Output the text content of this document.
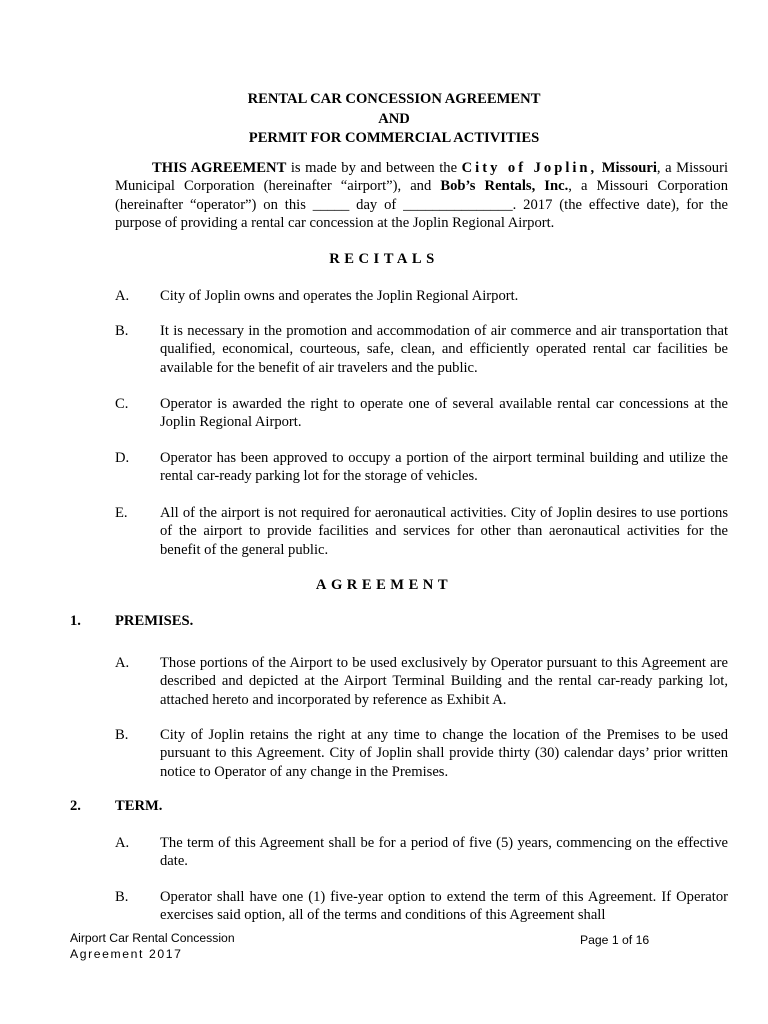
RENTAL CAR CONCESSION AGREEMENT
AND
PERMIT FOR COMMERCIAL ACTIVITIES
THIS AGREEMENT is made by and between the City of Joplin, Missouri, a Missouri Municipal Corporation (hereinafter “airport”), and Bob’s Rentals, Inc., a Missouri Corporation (hereinafter “operator”) on this _____ day of _______________. 2017 (the effective date), for the purpose of providing a rental car concession at the Joplin Regional Airport.
RECITALS
A.	City of Joplin owns and operates the Joplin Regional Airport.
B.	It is necessary in the promotion and accommodation of air commerce and air transportation that qualified, economical, courteous, safe, clean, and efficiently operated rental car facilities be available for the benefit of air travelers and the public.
C.	Operator is awarded the right to operate one of several available rental car concessions at the Joplin Regional Airport.
D.	Operator has been approved to occupy a portion of the airport terminal building and utilize the rental car-ready parking lot for the storage of vehicles.
E.	All of the airport is not required for aeronautical activities. City of Joplin desires to use portions of the airport to provide facilities and services for other than aeronautical activities for the benefit of the general public.
AGREEMENT
1. PREMISES.
A.	Those portions of the Airport to be used exclusively by Operator pursuant to this Agreement are described and depicted at the Airport Terminal Building and the rental car-ready parking lot, attached hereto and incorporated by reference as Exhibit A.
B.	City of Joplin retains the right at any time to change the location of the Premises to be used pursuant to this Agreement. City of Joplin shall provide thirty (30) calendar days’ prior written notice to Operator of any change in the Premises.
2. TERM.
A.	The term of this Agreement shall be for a period of five (5) years, commencing on the effective date.
B.	Operator shall have one (1) five-year option to extend the term of this Agreement. If Operator exercises said option, all of the terms and conditions of this Agreement shall
Airport Car Rental Concession
Agreement 2017
Page 1 of 16
